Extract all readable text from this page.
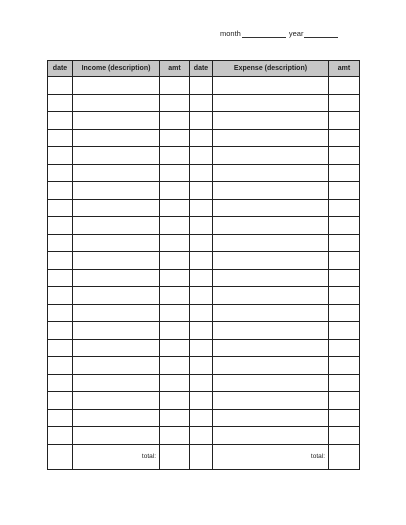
month	year
date	Income (description)	amt	date	Expense (description)	amt

	total:			total:	
